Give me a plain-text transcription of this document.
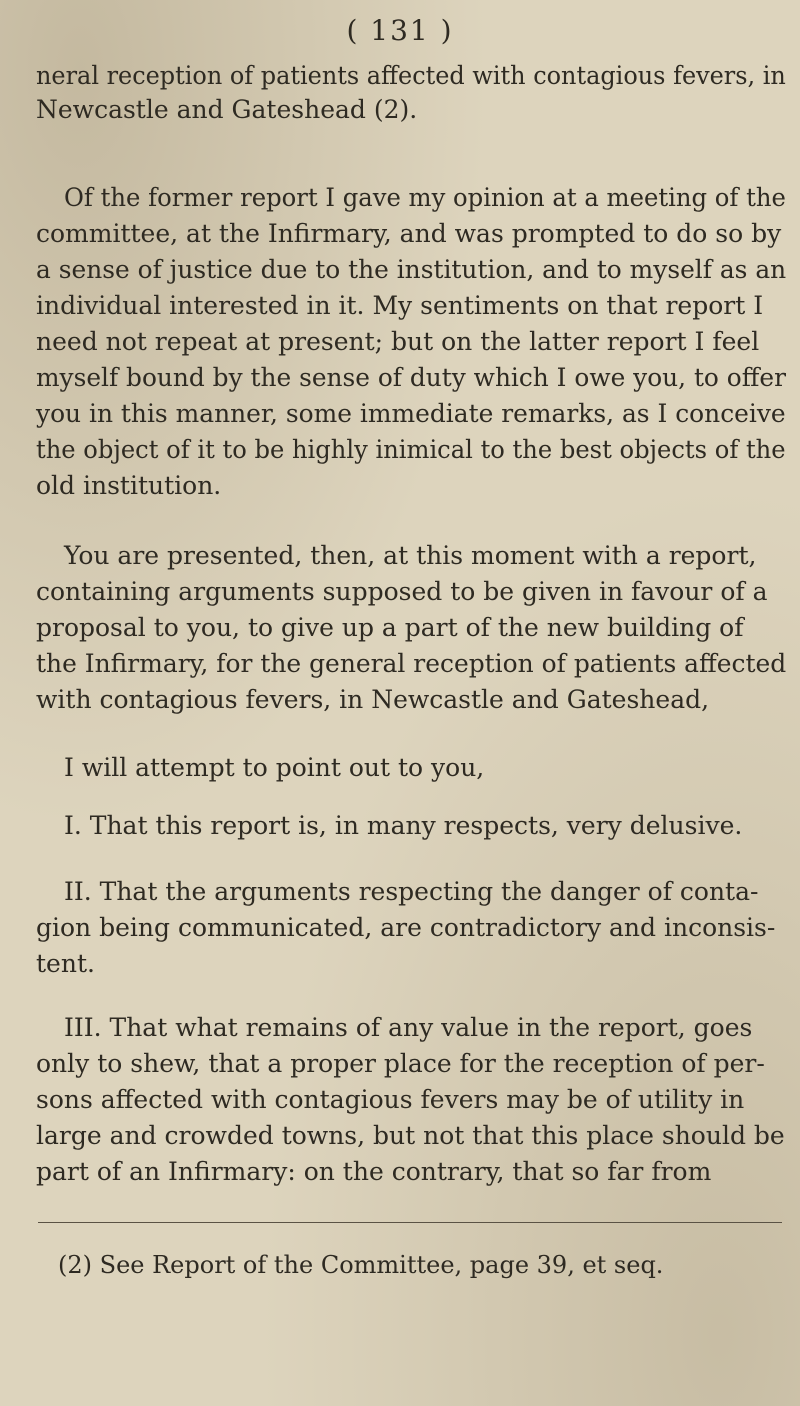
( 131 )
neral reception of patients affected with contagious fevers, in
Newcastle and Gateshead (2).
Of the former report I gave my opinion at a meeting of the
committee, at the Infirmary, and was prompted to do so by
a sense of justice due to the institution, and to myself as an
individual interested in it. My sentiments on that report I
need not repeat at present; but on the latter report I feel
myself bound by the sense of duty which I owe you, to offer
you in this manner, some immediate remarks, as I conceive
the object of it to be highly inimical to the best objects of the
old institution.
You are presented, then, at this moment with a report,
containing arguments supposed to be given in favour of a
proposal to you, to give up a part of the new building of
the Infirmary, for the general reception of patients affected
with contagious fevers, in Newcastle and Gateshead,
I will attempt to point out to you,
I. That this report is, in many respects, very delusive.
II. That the arguments respecting the danger of conta-
gion being communicated, are contradictory and inconsis-
tent.
III. That what remains of any value in the report, goes
only to shew, that a proper place for the reception of per-
sons affected with contagious fevers may be of utility in
large and crowded towns, but not that this place should be
part of an Infirmary: on the contrary, that so far from
(2) See Report of the Committee, page 39, et seq.
